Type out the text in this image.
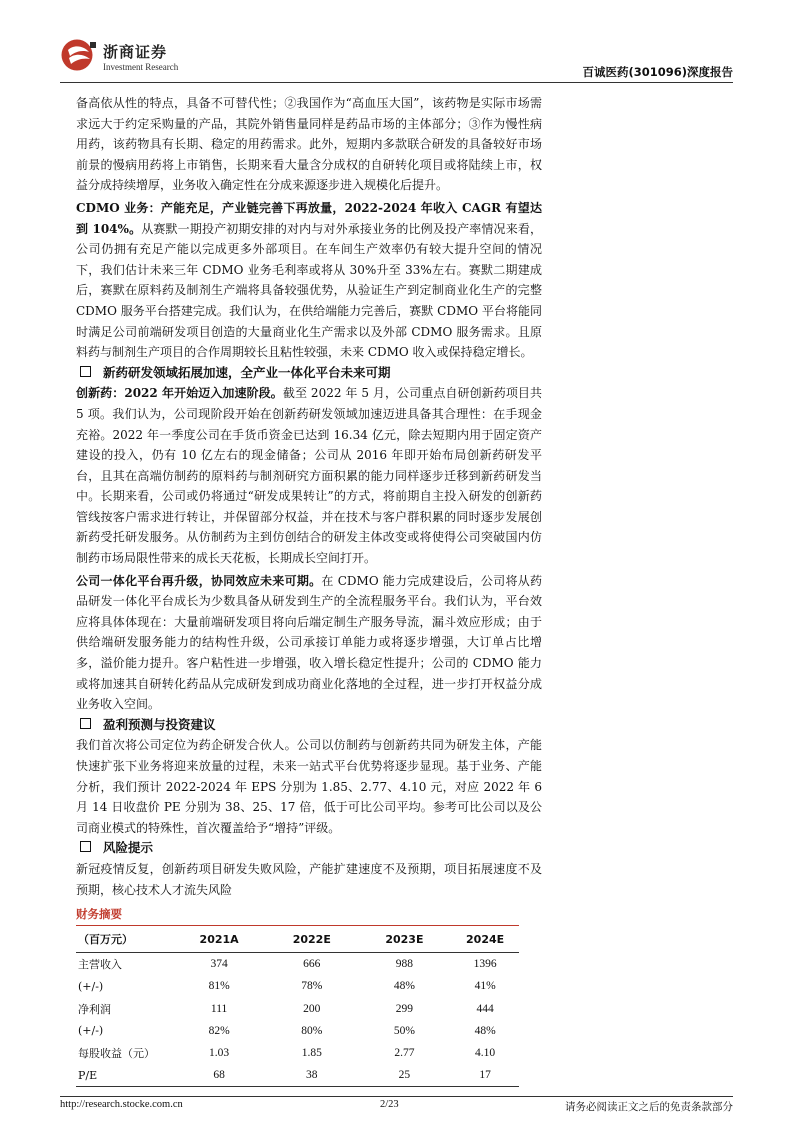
浙商证券
Investment Research	百诚医药(301096)深度报告

备高依从性的特点，具备不可替代性；②我国作为“高血压大国”，该药物是实际市场需求远大于约定采购量的产品，其院外销售量同样是药品市场的主体部分；③作为慢性病用药，该药物具有长期、稳定的用药需求。此外，短期内多款联合研发的具备较好市场前景的慢病用药将上市销售，长期来看大量含分成权的自研转化项目或将陆续上市，权益分成持续增厚，业务收入确定性在分成来源逐步进入规模化后提升。

CDMO 业务：产能充足，产业链完善下再放量，2022-2024 年收入 CAGR 有望达到 104%。从赛默一期投产初期安排的对内与对外承接业务的比例及投产率情况来看，公司仍拥有充足产能以完成更多外部项目。在车间生产效率仍有较大提升空间的情况下，我们估计未来三年 CDMO 业务毛利率或将从 30%升至 33%左右。赛默二期建成后，赛默在原料药及制剂生产端将具备较强优势，从验证生产到定制商业化生产的完整 CDMO 服务平台搭建完成。我们认为，在供给端能力完善后，赛默 CDMO 平台将能同时满足公司前端研发项目创造的大量商业化生产需求以及外部 CDMO 服务需求。且原料药与制剂生产项目的合作周期较长且粘性较强，未来 CDMO 收入或保持稳定增长。

新药研发领域拓展加速，全产业一体化平台未来可期

创新药：2022 年开始迈入加速阶段。截至 2022 年 5 月，公司重点自研创新药项目共 5 项。我们认为，公司现阶段开始在创新药研发领域加速迈进具备其合理性：在手现金充裕。2022 年一季度公司在手货币资金已达到 16.34 亿元，除去短期内用于固定资产建设的投入，仍有 10 亿左右的现金储备；公司从 2016 年即开始布局创新药研发平台，且其在高端仿制药的原料药与制剂研究方面积累的能力同样逐步迁移到新药研发当中。长期来看，公司或仍将通过“研发成果转让”的方式，将前期自主投入研发的创新药管线按客户需求进行转让，并保留部分权益，并在技术与客户群积累的同时逐步发展创新药受托研发服务。从仿制药为主到仿创结合的研发主体改变或将使得公司突破国内仿制药市场局限性带来的成长天花板，长期成长空间打开。

公司一体化平台再升级，协同效应未来可期。在 CDMO 能力完成建设后，公司将从药品研发一体化平台成长为少数具备从研发到生产的全流程服务平台。我们认为，平台效应将具体体现在：大量前端研发项目将向后端定制生产服务导流，漏斗效应形成；由于供给端研发服务能力的结构性升级，公司承接订单能力或将逐步增强，大订单占比增多，溢价能力提升。客户粘性进一步增强，收入增长稳定性提升；公司的 CDMO 能力或将加速其自研转化药品从完成研发到成功商业化落地的全过程，进一步打开权益分成业务收入空间。

盈利预测与投资建议

我们首次将公司定位为药企研发合伙人。公司以仿制药与创新药共同为研发主体，产能快速扩张下业务将迎来放量的过程，未来一站式平台优势将逐步显现。基于业务、产能分析，我们预计 2022-2024 年 EPS 分别为 1.85、2.77、4.10 元，对应 2022 年 6 月 14 日收盘价 PE 分别为 38、25、17 倍，低于可比公司平均。参考可比公司以及公司商业模式的特殊性，首次覆盖给予“增持”评级。

风险提示

新冠疫情反复，创新药项目研发失败风险，产能扩建速度不及预期，项目拓展速度不及预期，核心技术人才流失风险

财务摘要
（百万元）	2021A	2022E	2023E	2024E
主营收入	374	666	988	1396
(+/-)	81%	78%	48%	41%
净利润	111	200	299	444
(+/-)	82%	80%	50%	48%
每股收益（元）	1.03	1.85	2.77	4.10
P/E	68	38	25	17
http://research.stocke.com.cn	2/23	请务必阅读正文之后的免责条款部分
